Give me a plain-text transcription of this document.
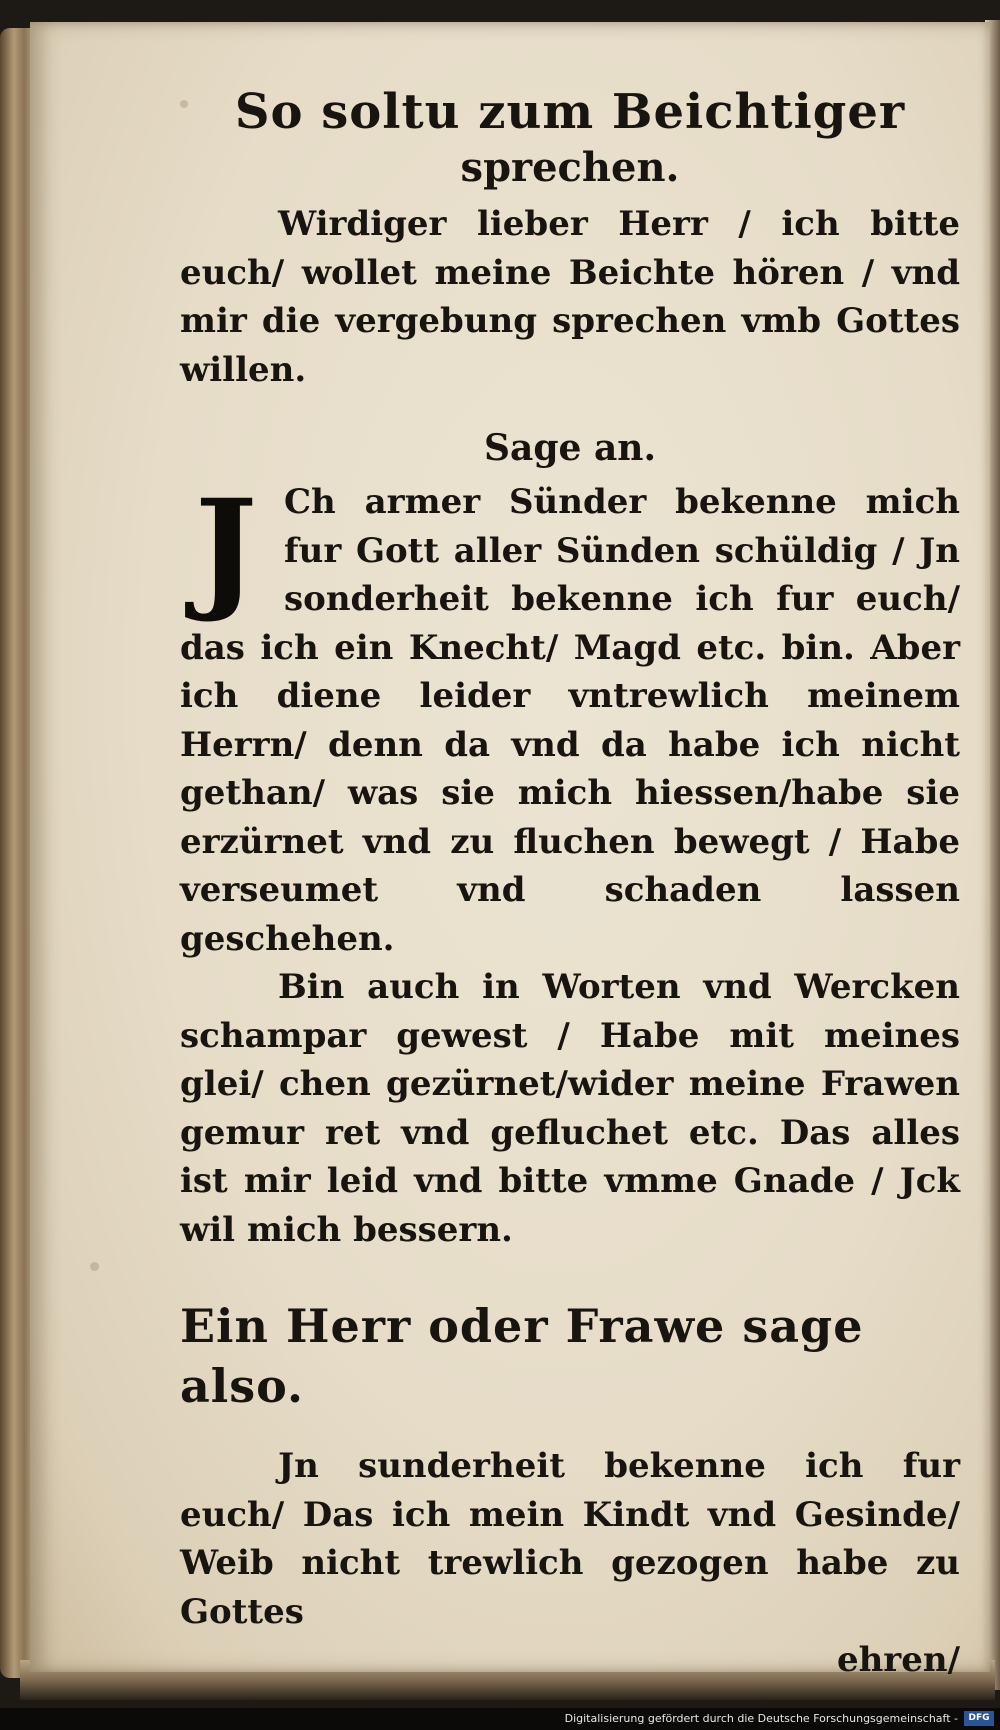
So soltu zum Beichtiger

sprechen.

Wirdiger lieber Herr / ich bitte euch/ wollet meine Beichte hören / vnd mir die vergebung sprechen vmb Gottes willen.

Sage an.

J Ch armer Sünder bekenne mich fur Gott aller Sünden schüldig / Jn sonderheit bekenne ich fur euch/ das ich ein Knecht/ Magd etc. bin. Aber ich diene leider vntrewlich meinem Herrn/ denn da vnd da habe ich nicht gethan/ was sie mich hiessen/habe sie erzürnet vnd zu fluchen bewegt / Habe verseumet vnd schaden lassen geschehen.

Bin auch in Worten vnd Wercken schampar gewest / Habe mit meines glei/ chen gezürnet/wider meine Frawen gemur ret vnd gefluchet etc. Das alles ist mir leid vnd bitte vmme Gnade / Jck wil mich bessern.

Ein Herr oder Frawe sage also.

Jn sunderheit bekenne ich fur euch/ Das ich mein Kindt vnd Gesinde/ Weib nicht trewlich gezogen habe zu Gottes

ehren/

Digitalisierung gefördert durch die Deutsche Forschungsgemeinschaft -	DFG
